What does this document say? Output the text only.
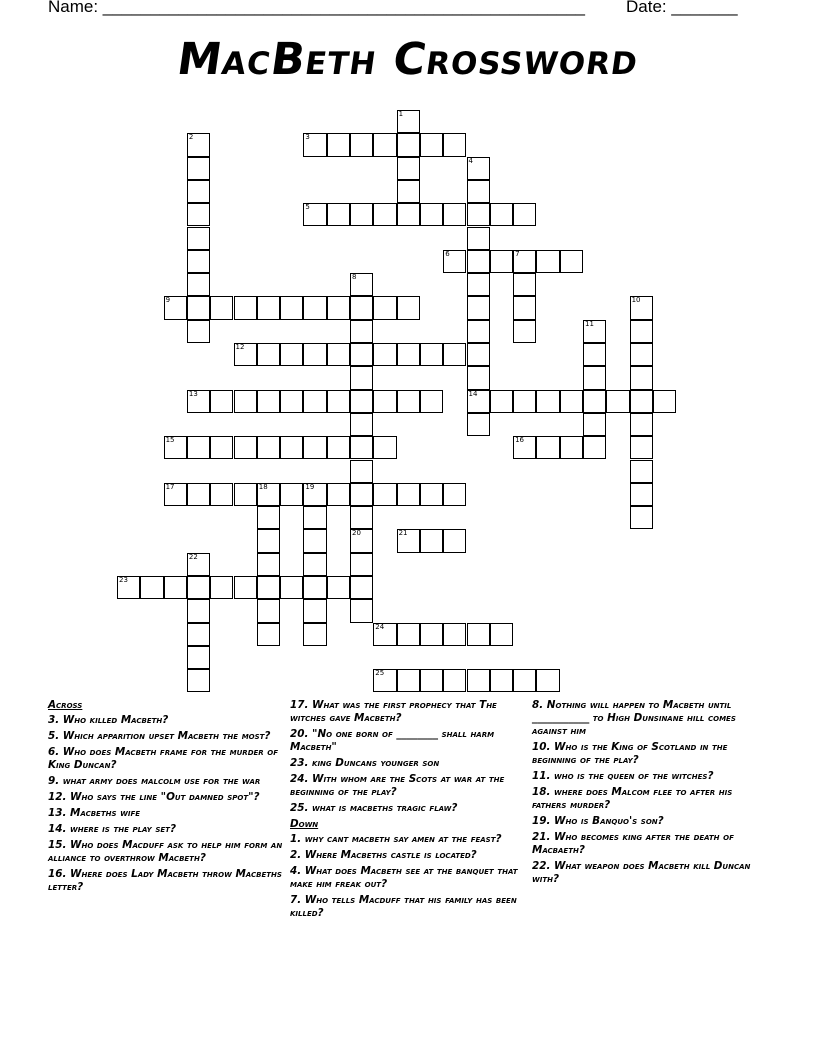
Name: ___________________________________________________ Date: _______
MacBeth Crossword
1
2	3
4
14
5
6	7
8
20
9	10
11
12
13
15	16
17	18	19
21
22
23
24
25
Across
3. Who killed Macbeth?
5. Which apparition upset Macbeth the most?
6. Who does Macbeth frame for the murder of King Duncan?
9. what army does malcolm use for the war
12. Who says the line "Out damned spot"?
13. Macbeths wife
14. where is the play set?
15. Who does Macduff ask to help him form an alliance to overthrow Macbeth?
16. Where does Lady Macbeth throw Macbeths letter?
17. What was the first prophecy that The witches gave Macbeth?
20. "No one born of ________ shall harm Macbeth"
23. king Duncans younger son
24. With whom are the Scots at war at the beginning of the play?
25. what is macbeths tragic flaw?
Down
1. why cant macbeth say amen at the feast?
2. Where Macbeths castle is located?
4. What does Macbeth see at the banquet that make him freak out?
7. Who tells Macduff that his family has been killed?
8. Nothing will happen to Macbeth until ___________ to High Dunsinane hill comes against him
10. Who is the King of Scotland in the beginning of the play?
11. who is the queen of the witches?
18. where does Malcom flee to after his fathers murder?
19. Who is Banquo's son?
21. Who becomes king after the death of Macbaeth?
22. What weapon does Macbeth kill Duncan with?
